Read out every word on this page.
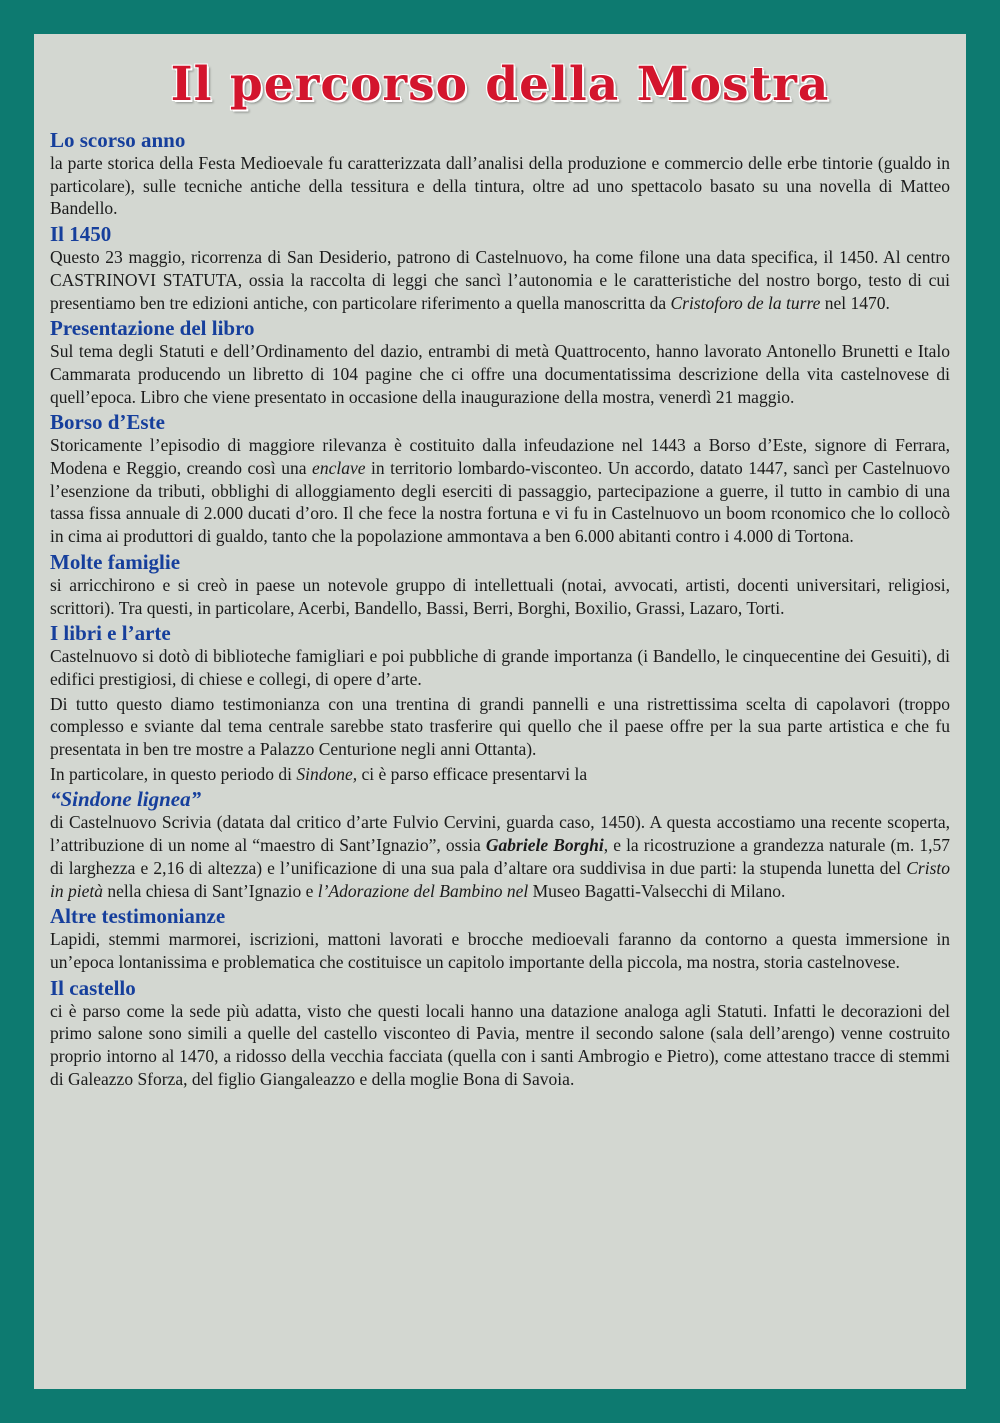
Il percorso della Mostra
Lo scorso anno

la parte storica della Festa Medioevale fu caratterizzata dall’analisi della produzione e commercio delle erbe tintorie (gualdo in particolare), sulle tecniche antiche della tessitura e della tintura, oltre ad uno spettacolo basato su una novella di Matteo Bandello.

Il 1450

Questo 23 maggio, ricorrenza di San Desiderio, patrono di Castelnuovo, ha come filone una data specifica, il 1450. Al centro CASTRINOVI STATUTA, ossia la raccolta di leggi che sancì l’autonomia e le caratteristiche del nostro borgo, testo di cui presentiamo ben tre edizioni antiche, con particolare riferimento a quella manoscritta da Cristoforo de la turre nel 1470.

Presentazione del libro

Sul tema degli Statuti e dell’Ordinamento del dazio, entrambi di metà Quattrocento, hanno lavorato Antonello Brunetti e Italo Cammarata producendo un libretto di 104 pagine che ci offre una documentatissima descrizione della vita castelnovese di quell’epoca. Libro che viene presentato in occasione della inaugurazione della mostra, venerdì 21 maggio.

Borso d’Este

Storicamente l’episodio di maggiore rilevanza è costituito dalla infeudazione nel 1443 a Borso d’Este, signore di Ferrara, Modena e Reggio, creando così una enclave in territorio lombardo-visconteo. Un accordo, datato 1447, sancì per Castelnuovo l’esenzione da tributi, obblighi di alloggiamento degli eserciti di passaggio, partecipazione a guerre, il tutto in cambio di una tassa fissa annuale di 2.000 ducati d’oro. Il che fece la nostra fortuna e vi fu in Castelnuovo un boom rconomico che lo collocò in cima ai produttori di gualdo, tanto che la popolazione ammontava a ben 6.000 abitanti contro i 4.000 di Tortona.

Molte famiglie

si arricchirono e si creò in paese un notevole gruppo di intellettuali (notai, avvocati, artisti, docenti universitari, religiosi, scrittori). Tra questi, in particolare, Acerbi, Bandello, Bassi, Berri, Borghi, Boxilio, Grassi, Lazaro, Torti.

I libri e l’arte

Castelnuovo si dotò di biblioteche famigliari e poi pubbliche di grande importanza (i Bandello, le cinquecentine dei Gesuiti), di edifici prestigiosi, di chiese e collegi, di opere d’arte.

Di tutto questo diamo testimonianza con una trentina di grandi pannelli e una ristrettissima scelta di capolavori (troppo complesso e sviante dal tema centrale sarebbe stato trasferire qui quello che il paese offre per la sua parte artistica e che fu presentata in ben tre mostre a Palazzo Centurione negli anni Ottanta).

In particolare, in questo periodo di Sindone, ci è parso efficace presentarvi la

“Sindone lignea”

di Castelnuovo Scrivia (datata dal critico d’arte Fulvio Cervini, guarda caso, 1450). A questa accostiamo una recente scoperta, l’attribuzione di un nome al “maestro di Sant’Ignazio”, ossia Gabriele Borghi, e la ricostruzione a grandezza naturale (m. 1,57 di larghezza e 2,16 di altezza) e l’unificazione di una sua pala d’altare ora suddivisa in due parti: la stupenda lunetta del Cristo in pietà nella chiesa di Sant’Ignazio e l’Adorazione del Bambino nel Museo Bagatti-Valsecchi di Milano.

Altre testimonianze

Lapidi, stemmi marmorei, iscrizioni, mattoni lavorati e brocche medioevali faranno da contorno a questa immersione in un’epoca lontanissima e problematica che costituisce un capitolo importante della piccola, ma nostra, storia castelnovese.

Il castello

ci è parso come la sede più adatta, visto che questi locali hanno una datazione analoga agli Statuti. Infatti le decorazioni del primo salone sono simili a quelle del castello visconteo di Pavia, mentre il secondo salone (sala dell’arengo) venne costruito proprio intorno al 1470, a ridosso della vecchia facciata (quella con i santi Ambrogio e Pietro), come attestano tracce di stemmi di Galeazzo Sforza, del figlio Giangaleazzo e della moglie Bona di Savoia.
